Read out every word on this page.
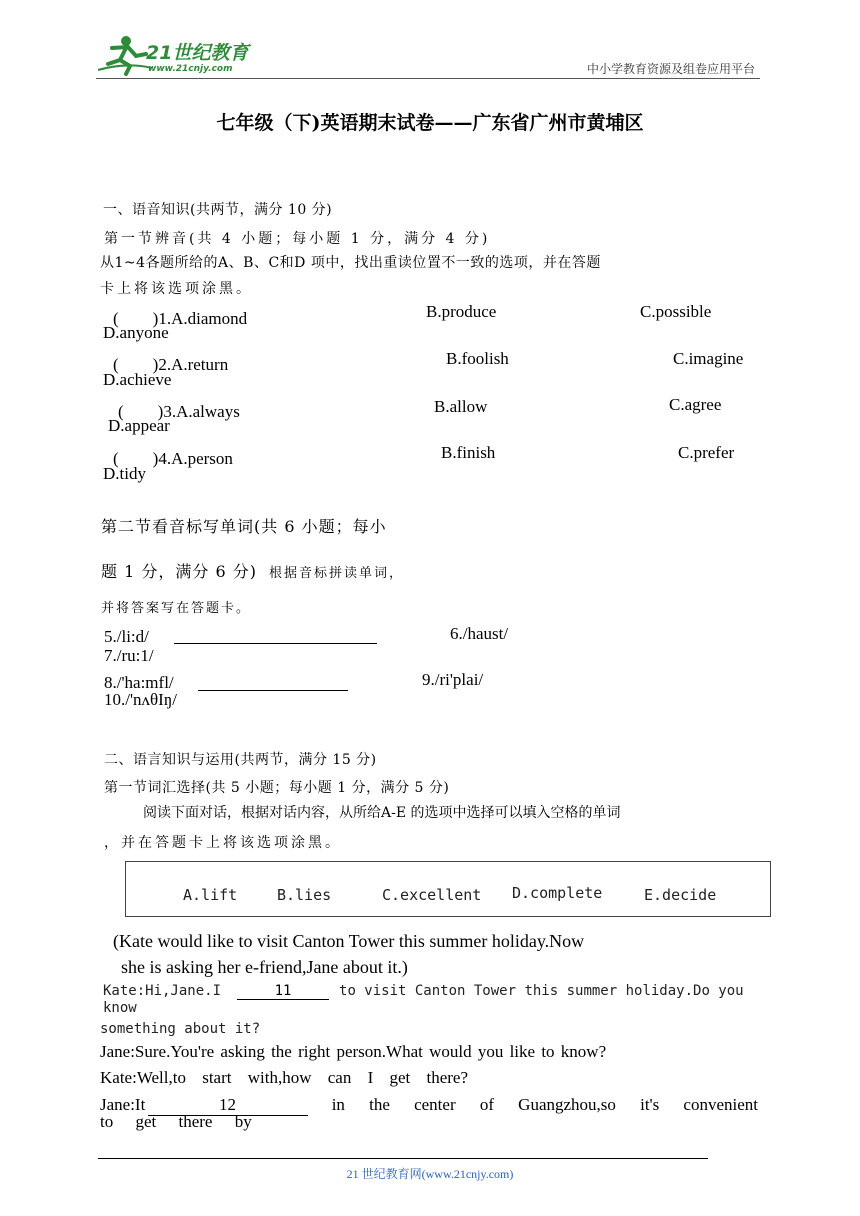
21世纪教育
www.21cnjy.com	中小学教育资源及组卷应用平台
七年级（下)英语期末试卷——广东省广州市黄埔区
一、语音知识(共两节，满分 10 分)
第一节辨音(共 4 小题；每小题 1 分，满分 4 分)
从1~4各题所给的A、B、C和D 项中，找出重读位置不一致的选项，并在答题
卡上将该选项涂黑。
(　　)1.A.diamond	B.produce	C.possible
D.anyone
(　　)2.A.return	B.foolish	C.imagine
D.achieve
(　　)3.A.always	B.allow	C.agree
D.appear
(　　)4.A.person	B.finish	C.prefer
D.tidy
第二节看音标写单词(共 6 小题；每小
题 1 分，满分 6 分) 根据音标拼读单词，
并将答案写在答题卡。
5./li:d/	6./haust/
7./ru:1/
8./'ha:mfl/	9./ri'plai/
10./'nʌθIŋ/
二、语言知识与运用(共两节，满分 15 分)
第一节词汇选择(共 5 小题；每小题 1 分，满分 5 分)
阅读下面对话，根据对话内容，从所给A-E 的选项中选择可以填入空格的单词
，并在答题卡上将该选项涂黑。
A.lift	B.lies	C.excellent D.complete	E.decide
(Kate would like to visit Canton Tower this summer holiday.Now
she is asking her e-friend,Jane about it.)
Kate:Hi,Jane.I	11	to visit Canton Tower this summer holiday.Do you
know
something about it?
Jane:Sure.You're asking the right person.What would you like to know?
Kate:Well,to start with,how can I get there?
Jane:It	12	in the center of Guangzhou,so it's convenient
to get there by
21 世纪教育网(www.21cnjy.com)
